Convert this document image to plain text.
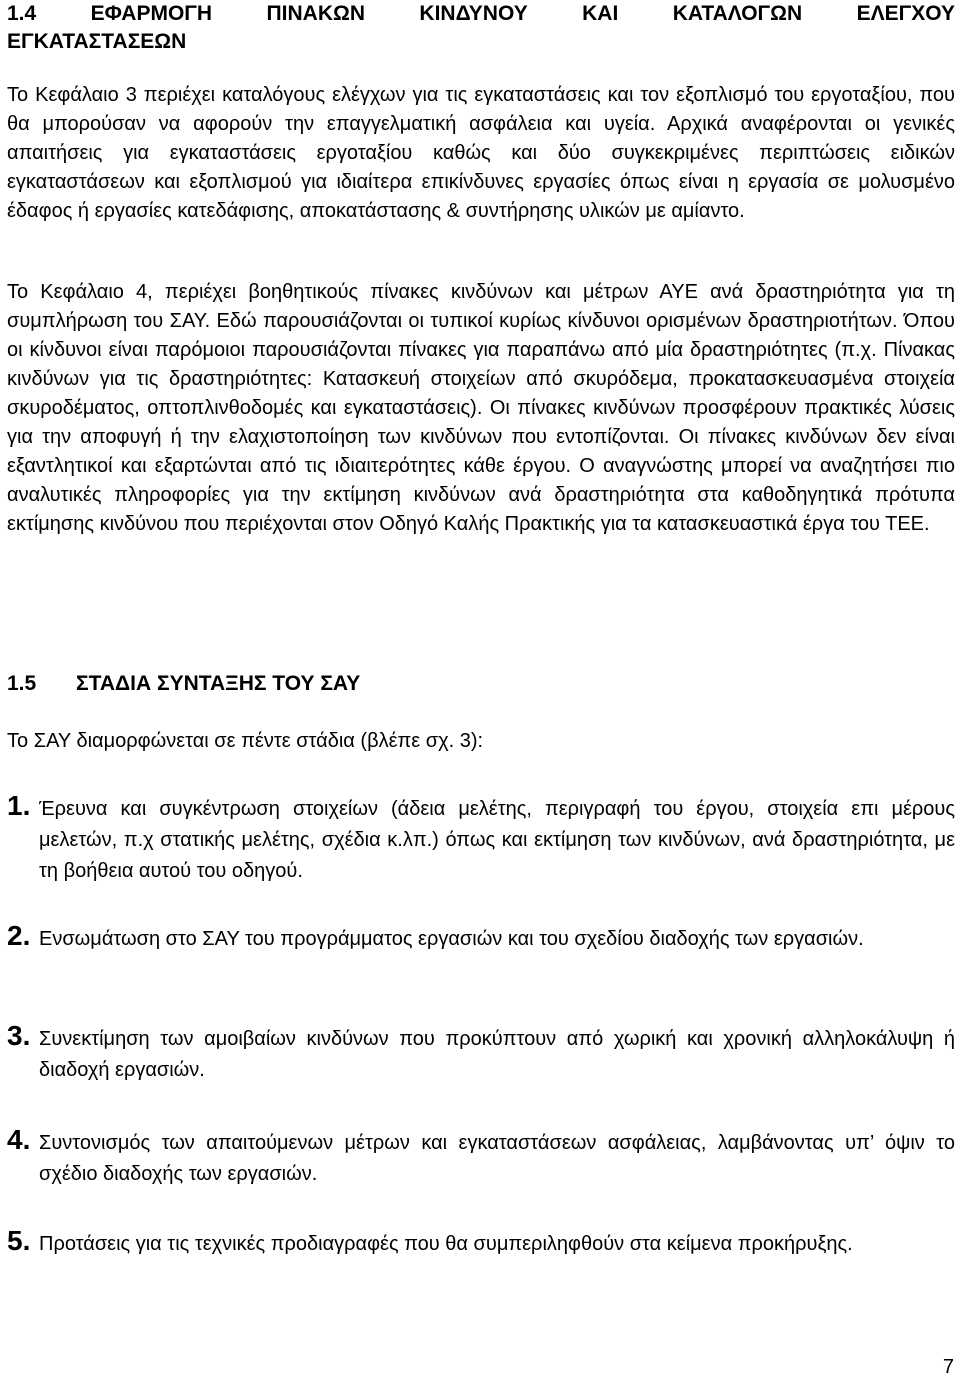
1.4 ΕΦΑΡΜΟΓΗ ΠΙΝΑΚΩΝ ΚΙΝΔΥΝΟΥ ΚΑΙ ΚΑΤΑΛΟΓΩΝ ΕΛΕΓΧΟΥ
ΕΓΚΑΤΑΣΤΑΣΕΩΝ

Το Κεφάλαιο 3 περιέχει καταλόγους ελέγχων για τις εγκαταστάσεις και τον εξοπλισμό του εργοταξίου, που θα μπορούσαν να αφορούν την επαγγελματική ασφάλεια και υγεία. Αρχικά αναφέρονται οι γενικές απαιτήσεις για εγκαταστάσεις εργοταξίου καθώς και δύο συγκεκριμένες περιπτώσεις ειδικών εγκαταστάσεων και εξοπλισμού για ιδιαίτερα επικίνδυνες εργασίες όπως είναι η εργασία σε μολυσμένο έδαφος ή εργασίες κατεδάφισης, αποκατάστασης & συντήρησης υλικών με αμίαντο.

Το Κεφάλαιο 4, περιέχει βοηθητικούς πίνακες κινδύνων και μέτρων ΑΥΕ ανά δραστηριότητα για τη συμπλήρωση του ΣΑΥ. Εδώ παρουσιάζονται οι τυπικοί κυρίως κίνδυνοι ορισμένων δραστηριοτήτων. Όπου οι κίνδυνοι είναι παρόμοιοι παρουσιάζονται πίνακες για παραπάνω από μία δραστηριότητες (π.χ. Πίνακας κινδύνων για τις δραστηριότητες: Κατασκευή στοιχείων από σκυρόδεμα, προκατασκευασμένα στοιχεία σκυροδέματος, οπτοπλινθοδομές και εγκαταστάσεις). Οι πίνακες κινδύνων προσφέρουν πρακτικές λύσεις για την αποφυγή ή την ελαχιστοποίηση των κινδύνων που εντοπίζονται. Οι πίνακες κινδύνων δεν είναι εξαντλητικοί και εξαρτώνται από τις ιδιαιτερότητες κάθε έργου. Ο αναγνώστης μπορεί να αναζητήσει πιο αναλυτικές πληροφορίες για την εκτίμηση κινδύνων ανά δραστηριότητα στα καθοδηγητικά πρότυπα εκτίμησης κινδύνου που περιέχονται στον Οδηγό Καλής Πρακτικής για τα κατασκευαστικά έργα του ΤΕΕ.

1.5 ΣΤΑΔΙΑ ΣΥΝΤΑΞΗΣ ΤΟΥ ΣΑΥ
Το ΣΑΥ διαμορφώνεται σε πέντε στάδια (βλέπε σχ. 3):
1. Έρευνα και συγκέντρωση στοιχείων (άδεια μελέτης, περιγραφή του έργου, στοιχεία επι μέρους μελετών, π.χ στατικής μελέτης, σχέδια κ.λπ.) όπως και εκτίμηση των κινδύνων, ανά δραστηριότητα, με τη βοήθεια αυτού του οδηγού.
2. Ενσωμάτωση στο ΣΑΥ του προγράμματος εργασιών και του σχεδίου διαδοχής των εργασιών.
3. Συνεκτίμηση των αμοιβαίων κινδύνων που προκύπτουν από χωρική και χρονική αλληλοκάλυψη ή διαδοχή εργασιών.
4. Συντονισμός των απαιτούμενων μέτρων και εγκαταστάσεων ασφάλειας, λαμβάνοντας υπ’ όψιν το σχέδιο διαδοχής των εργασιών.
5. Προτάσεις για τις τεχνικές προδιαγραφές που θα συμπεριληφθούν στα κείμενα προκήρυξης.
7
